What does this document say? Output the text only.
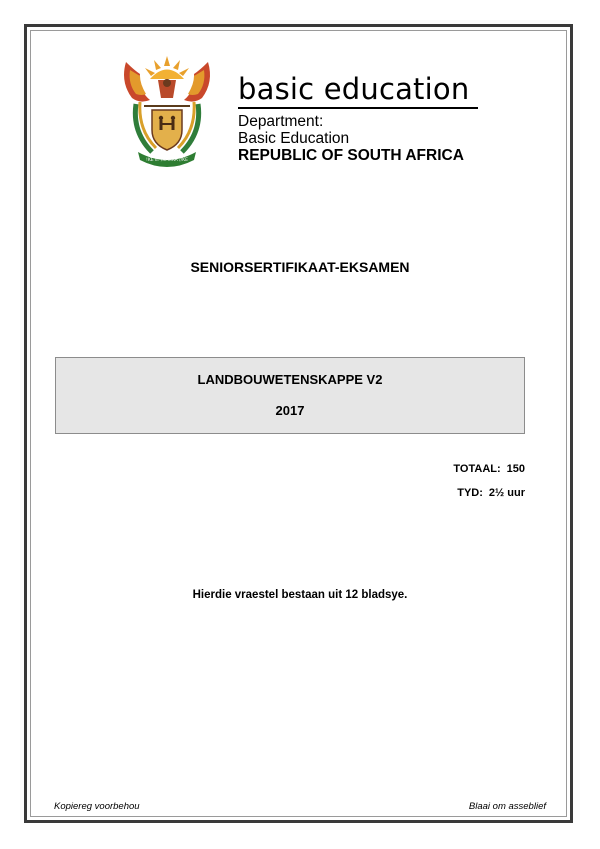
!KE E: /XARRA //KE
basic education
Department:
Basic Education
REPUBLIC OF SOUTH AFRICA
SENIORSERTIFIKAAT-EKSAMEN
LANDBOUWETENSKAPPE V2
2017
TOTAAL: 150
TYD: 2½ uur
Hierdie vraestel bestaan uit 12 bladsye.
Kopiereg voorbehou	Blaai om asseblief
